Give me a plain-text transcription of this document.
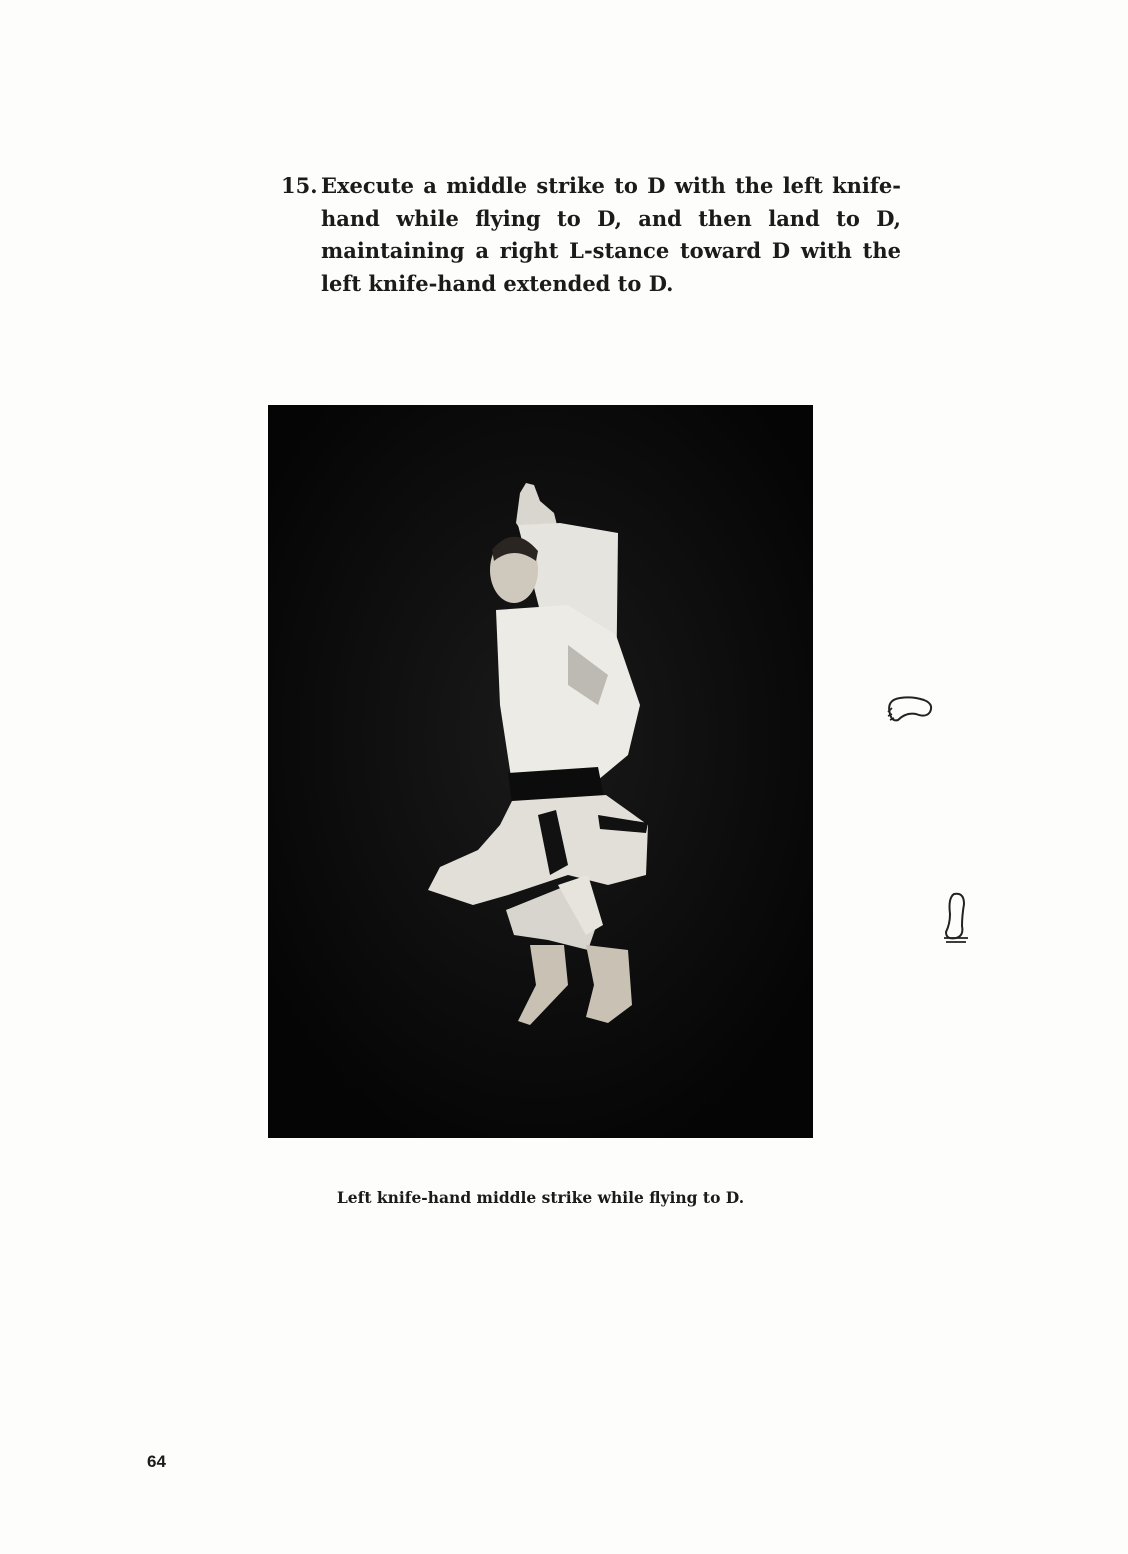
15. Execute a middle strike to D with the left knife-hand while flying to D, and then land to D, maintaining a right L-stance toward D with the left knife-hand extended to D.

Left knife-hand middle strike while flying to D.

64
